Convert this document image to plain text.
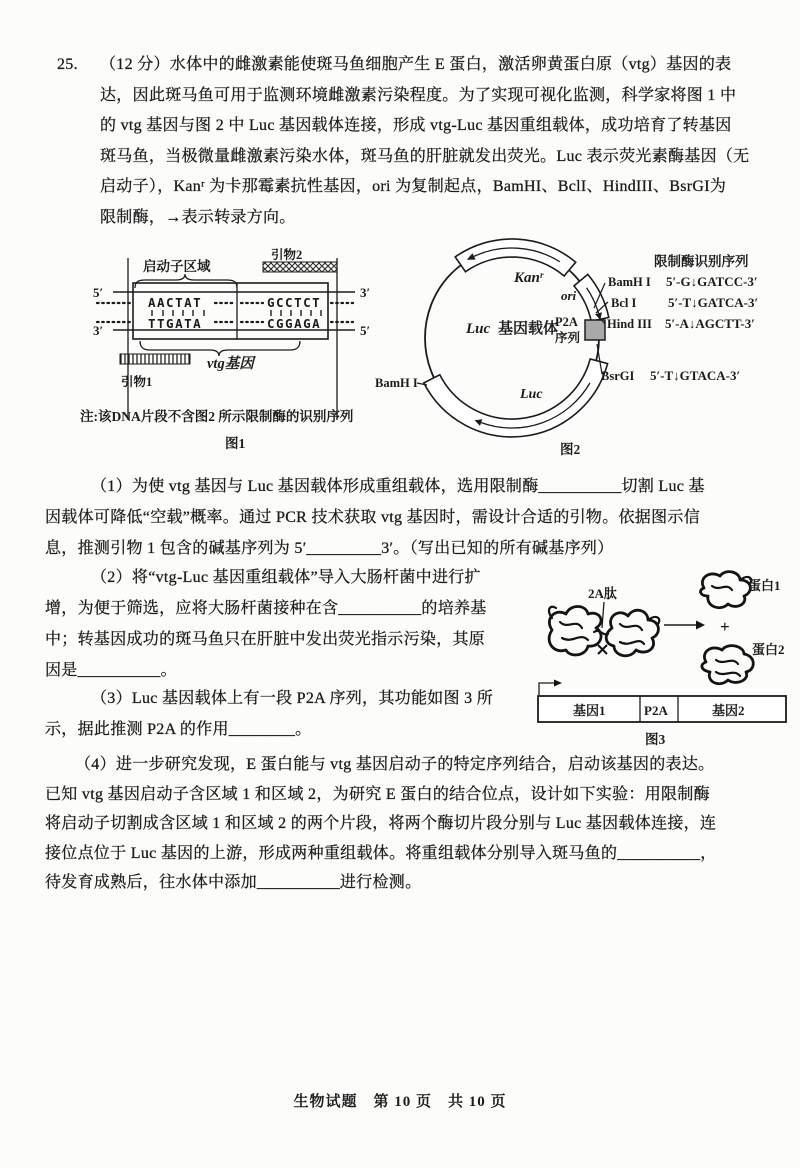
25. （12 分）水体中的雌激素能使斑马鱼细胞产生 E 蛋白，激活卵黄蛋白原（vtg）基因的表
达，因此斑马鱼可用于监测环境雌激素污染程度。为了实现可视化监测，科学家将图 1 中
的 vtg 基因与图 2 中 Luc 基因载体连接，形成 vtg-Luc 基因重组载体，成功培育了转基因
斑马鱼，当极微量雌激素污染水体，斑马鱼的肝脏就发出荧光。Luc 表示荧光素酶基因（无
启动子），Kanʳ 为卡那霉素抗性基因，ori 为复制起点，BamHI、BclI、HindIII、BsrGI为
限制酶，→表示转录方向。
5′	3′
3′	5′
AACTAT
TTGATA
GCCTCT
CGGAGA
启动子区域
引物2
vtg基因
引物1
注:该DNA片段不含图2 所示限制酶的识别序列
图1
Kanʳ
ori
Luc
Luc 基因载体
P2A
序列
BamH I
限制酶识别序列
BamH I 5′-G↓GATCC-3′
Bcl I 5′-T↓GATCA-3′
Hind III 5′-A↓AGCTT-3′
BsrGI 5′-T↓GTACA-3′
图2
（1）为使 vtg 基因与 Luc 基因载体形成重组载体，选用限制酶__________切割 Luc 基
因载体可降低“空载”概率。通过 PCR 技术获取 vtg 基因时，需设计合适的引物。依据图示信
息，推测引物 1 包含的碱基序列为 5′_________3′。（写出已知的所有碱基序列）
（2）将“vtg-Luc 基因重组载体”导入大肠杆菌中进行扩
增，为便于筛选，应将大肠杆菌接种在含__________的培养基
中；转基因成功的斑马鱼只在肝脏中发出荧光指示污染，其原
因是__________。
2A肽
蛋白1
+
蛋白2
基因1	P2A	基因2
图3
（3）Luc 基因载体上有一段 P2A 序列，其功能如图 3 所
示，据此推测 P2A 的作用________。
（4）进一步研究发现，E 蛋白能与 vtg 基因启动子的特定序列结合，启动该基因的表达。
已知 vtg 基因启动子含区域 1 和区域 2，为研究 E 蛋白的结合位点，设计如下实验：用限制酶
将启动子切割成含区域 1 和区域 2 的两个片段，将两个酶切片段分别与 Luc 基因载体连接，连
接位点位于 Luc 基因的上游，形成两种重组载体。将重组载体分别导入斑马鱼的__________，
待发育成熟后，往水体中添加__________进行检测。
生物试题　第 10 页　共 10 页
